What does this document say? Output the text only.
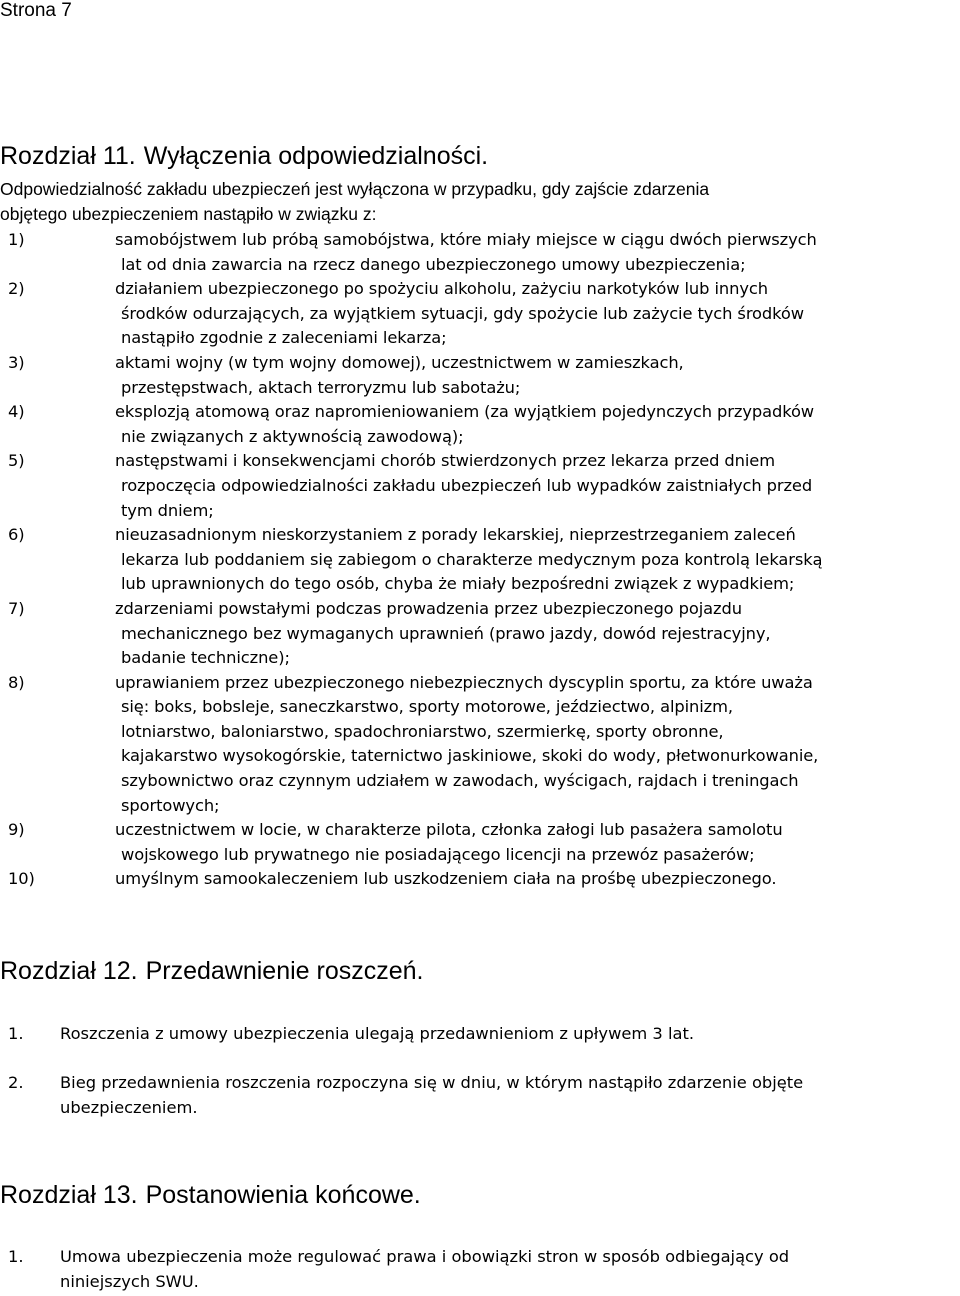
Strona 7
Rozdział 11. Wyłączenia odpowiedzialności.
Odpowiedzialność zakładu ubezpieczeń jest wyłączona w przypadku, gdy zajście zdarzenia
objętego ubezpieczeniem nastąpiło w związku z:
1)	samobójstwem lub próbą samobójstwa, które miały miejsce w ciągu dwóch pierwszych
lat od dnia zawarcia na rzecz danego ubezpieczonego umowy ubezpieczenia;
2)	działaniem ubezpieczonego po spożyciu alkoholu, zażyciu narkotyków lub innych
środków odurzających, za wyjątkiem sytuacji, gdy spożycie lub zażycie tych środków
nastąpiło zgodnie z zaleceniami lekarza;
3)	aktami wojny (w tym wojny domowej), uczestnictwem w zamieszkach,
przestępstwach, aktach terroryzmu lub sabotażu;
4)	eksplozją atomową oraz napromieniowaniem (za wyjątkiem pojedynczych przypadków
nie związanych z aktywnością zawodową);
5)	następstwami i konsekwencjami chorób stwierdzonych przez lekarza przed dniem
rozpoczęcia odpowiedzialności zakładu ubezpieczeń lub wypadków zaistniałych przed
tym dniem;
6)	nieuzasadnionym nieskorzystaniem z porady lekarskiej, nieprzestrzeganiem zaleceń
lekarza lub poddaniem się zabiegom o charakterze medycznym poza kontrolą lekarską
lub uprawnionych do tego osób, chyba że miały bezpośredni związek z wypadkiem;
7)	zdarzeniami powstałymi podczas prowadzenia przez ubezpieczonego pojazdu
mechanicznego bez wymaganych uprawnień (prawo jazdy, dowód rejestracyjny,
badanie techniczne);
8)	uprawianiem przez ubezpieczonego niebezpiecznych dyscyplin sportu, za które uważa
się: boks, bobsleje, saneczkarstwo, sporty motorowe, jeździectwo, alpinizm,
lotniarstwo, baloniarstwo, spadochroniarstwo, szermierkę, sporty obronne,
kajakarstwo wysokogórskie, taternictwo jaskiniowe, skoki do wody, płetwonurkowanie,
szybownictwo oraz czynnym udziałem w zawodach, wyścigach, rajdach i treningach
sportowych;
9)	uczestnictwem w locie, w charakterze pilota, członka załogi lub pasażera samolotu
wojskowego lub prywatnego nie posiadającego licencji na przewóz pasażerów;
10)	umyślnym samookaleczeniem lub uszkodzeniem ciała na prośbę ubezpieczonego.
Rozdział 12. Przedawnienie roszczeń.
1. Roszczenia z umowy ubezpieczenia ulegają przedawnieniom z upływem 3 lat.
2. Bieg przedawnienia roszczenia rozpoczyna się w dniu, w którym nastąpiło zdarzenie objęte
ubezpieczeniem.
Rozdział 13. Postanowienia końcowe.
1. Umowa ubezpieczenia może regulować prawa i obowiązki stron w sposób odbiegający od
niniejszych SWU.
